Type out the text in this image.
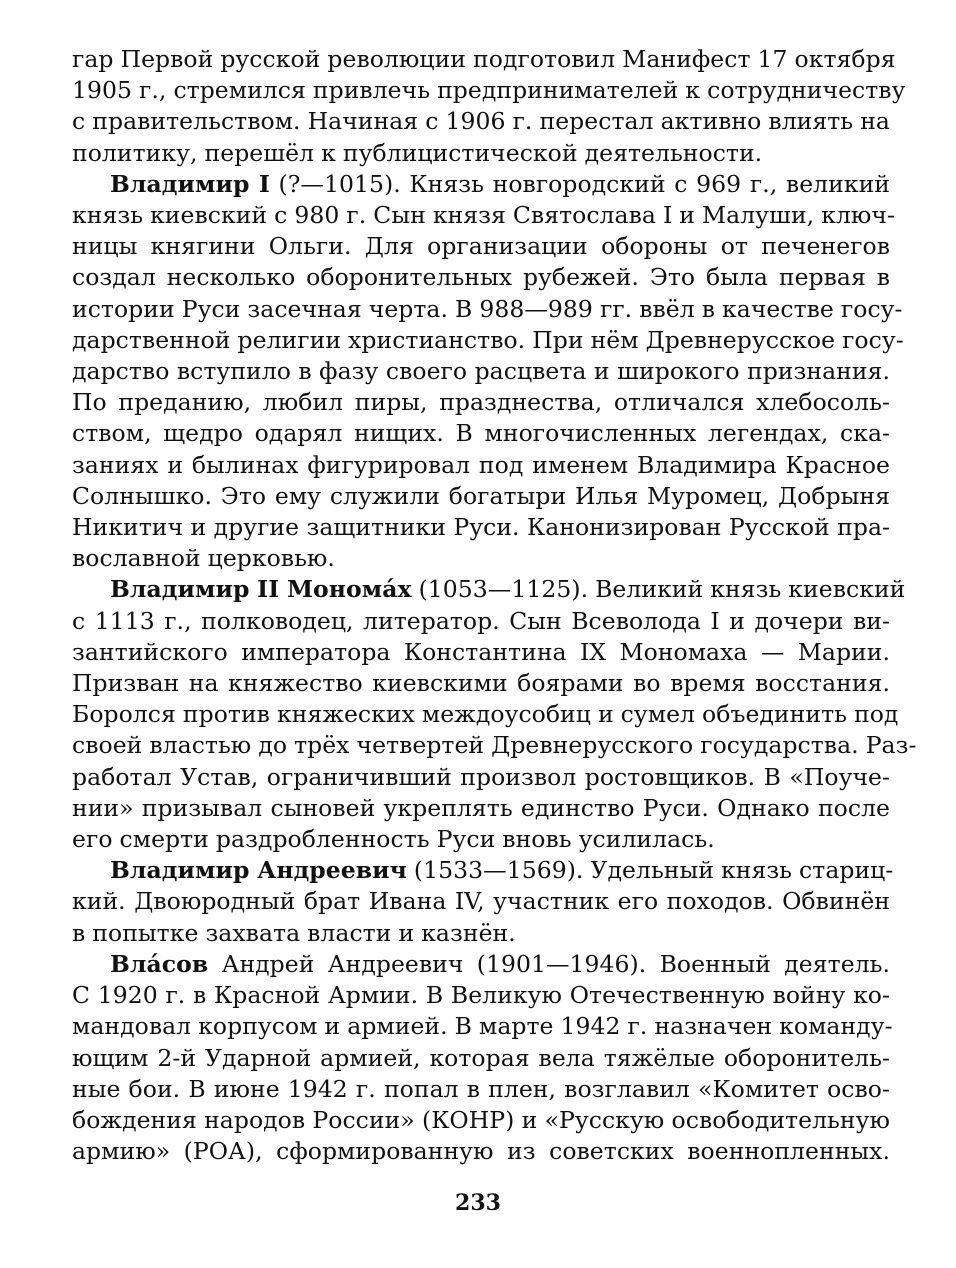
гар Первой русской революции подготовил Манифест 17 октября
1905 г., стремился привлечь предпринимателей к сотрудничеству
с правительством. Начиная с 1906 г. перестал активно влиять на
политику, перешёл к публицистической деятельности.

Владимир I (?—1015). Князь новгородский с 969 г., великий
князь киевский с 980 г. Сын князя Святослава I и Малуши, ключ-
ницы княгини Ольги. Для организации обороны от печенегов
создал несколько оборонительных рубежей. Это была первая в
истории Руси засечная черта. В 988—989 гг. ввёл в качестве госу-
дарственной религии христианство. При нём Древнерусское госу-
дарство вступило в фазу своего расцвета и широкого признания.
По преданию, любил пиры, празднества, отличался хлебосоль-
ством, щедро одарял нищих. В многочисленных легендах, ска-
заниях и былинах фигурировал под именем Владимира Красное
Солнышко. Это ему служили богатыри Илья Муромец, Добрыня
Никитич и другие защитники Руси. Канонизирован Русской пра-
вославной церковью.

Владимир II Монома́х (1053—1125). Великий князь киевский
с 1113 г., полководец, литератор. Сын Всеволода I и дочери ви-
зантийского императора Константина IX Мономаха — Марии.
Призван на княжество киевскими боярами во время восстания.
Боролся против княжеских междоусобиц и сумел объединить под
своей властью до трёх четвертей Древнерусского государства. Раз-
работал Устав, ограничивший произвол ростовщиков. В «Поуче-
нии» призывал сыновей укреплять единство Руси. Однако после
его смерти раздробленность Руси вновь усилилась.

Владимир Андреевич (1533—1569). Удельный князь стариц-
кий. Двоюродный брат Ивана IV, участник его походов. Обвинён
в попытке захвата власти и казнён.

Вла́сов Андрей Андреевич (1901—1946). Военный деятель.
С 1920 г. в Красной Армии. В Великую Отечественную войну ко-
мандовал корпусом и армией. В марте 1942 г. назначен команду-
ющим 2-й Ударной армией, которая вела тяжёлые оборонитель-
ные бои. В июне 1942 г. попал в плен, возглавил «Комитет осво-
бождения народов России» (КОНР) и «Русскую освободительную
армию» (РОА), сформированную из советских военнопленных.

233
